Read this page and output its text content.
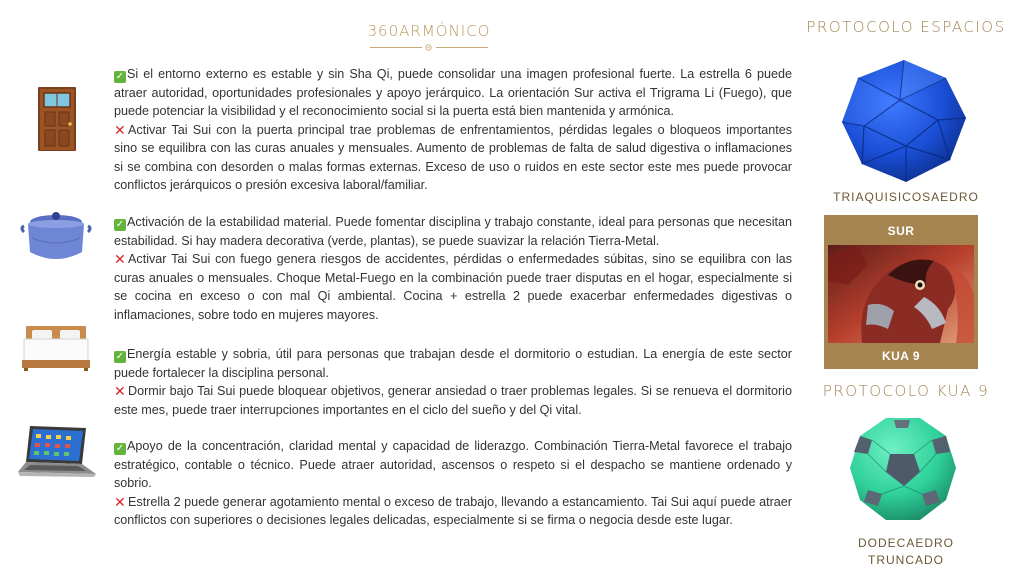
360ARMÓNICO
✓ Si el entorno externo es estable y sin Sha Qi, puede consolidar una imagen profesional fuerte. La estrella 6 puede atraer autoridad, oportunidades profesionales y apoyo jerárquico. La orientación Sur activa el Trigrama Li (Fuego), que puede potenciar la visibilidad y el reconocimiento social si la puerta está bien mantenida y armónica.
✕ Activar Tai Sui con la puerta principal trae problemas de enfrentamientos, pérdidas legales o bloqueos importantes sino se equilibra con las curas anuales y mensuales. Aumento de problemas de falta de salud digestiva o inflamaciones si se combina con desorden o malas formas externas. Exceso de uso o ruidos en este sector este mes puede provocar conflictos jerárquicos o presión excesiva laboral/familiar.
✓ Activación de la estabilidad material. Puede fomentar disciplina y trabajo constante, ideal para personas que necesitan estabilidad. Si hay madera decorativa (verde, plantas), se puede suavizar la relación Tierra-Metal.
✕ Activar Tai Sui con fuego genera riesgos de accidentes, pérdidas o enfermedades súbitas, sino se equilibra con las curas anuales o mensuales. Choque Metal-Fuego en la combinación puede traer disputas en el hogar, especialmente si se cocina en exceso o con mal Qi ambiental. Cocina + estrella 2 puede exacerbar enfermedades digestivas o inflamaciones, sobre todo en mujeres mayores.
✓ Energía estable y sobria, útil para personas que trabajan desde el dormitorio o estudian. La energía de este sector puede fortalecer la disciplina personal.
✕ Dormir bajo Tai Sui puede bloquear objetivos, generar ansiedad o traer problemas legales. Si se renueva el dormitorio este mes, puede traer interrupciones importantes en el ciclo del sueño y del Qi vital.
✓ Apoyo de la concentración, claridad mental y capacidad de liderazgo. Combinación Tierra-Metal favorece el trabajo estratégico, contable o técnico. Puede atraer autoridad, ascensos o respeto si el despacho se mantiene ordenado y sobrio.
✕ Estrella 2 puede generar agotamiento mental o exceso de trabajo, llevando a estancamiento. Tai Sui aquí puede atraer conflictos con superiores o decisiones legales delicadas, especialmente si se firma o negocia desde este lugar.
PROTOCOLO ESPACIOS
TRIAQUISICOSAEDRO
SUR
KUA 9
PROTOCOLO KUA 9
DODECAEDRO
TRUNCADO
